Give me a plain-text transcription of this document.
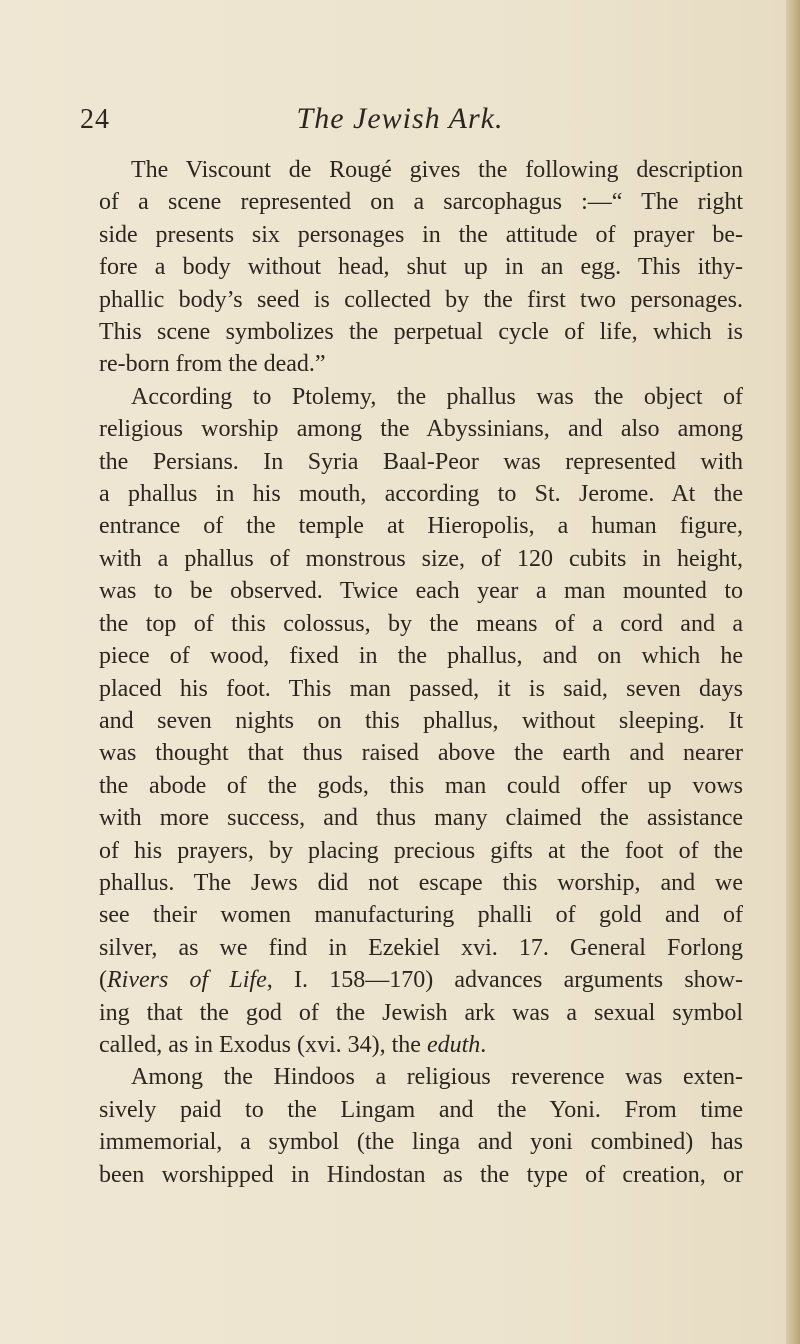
24	The Jewish Ark.
The Viscount de Rougé gives the following description
of a scene represented on a sarcophagus :—“ The right
side presents six personages in the attitude of prayer be-
fore a body without head, shut up in an egg. This ithy-
phallic body’s seed is collected by the first two personages.
This scene symbolizes the perpetual cycle of life, which is
re-born from the dead.”
According to Ptolemy, the phallus was the object of
religious worship among the Abyssinians, and also among
the Persians. In Syria Baal-Peor was represented with
a phallus in his mouth, according to St. Jerome. At the
entrance of the temple at Hieropolis, a human figure,
with a phallus of monstrous size, of 120 cubits in height,
was to be observed. Twice each year a man mounted to
the top of this colossus, by the means of a cord and a
piece of wood, fixed in the phallus, and on which he
placed his foot. This man passed, it is said, seven days
and seven nights on this phallus, without sleeping. It
was thought that thus raised above the earth and nearer
the abode of the gods, this man could offer up vows
with more success, and thus many claimed the assistance
of his prayers, by placing precious gifts at the foot of the
phallus. The Jews did not escape this worship, and we
see their women manufacturing phalli of gold and of
silver, as we find in Ezekiel xvi. 17. General Forlong
(Rivers of Life, I. 158—170) advances arguments show-
ing that the god of the Jewish ark was a sexual symbol
called, as in Exodus (xvi. 34), the eduth.
Among the Hindoos a religious reverence was exten-
sively paid to the Lingam and the Yoni. From time
immemorial, a symbol (the linga and yoni combined) has
been worshipped in Hindostan as the type of creation, or
